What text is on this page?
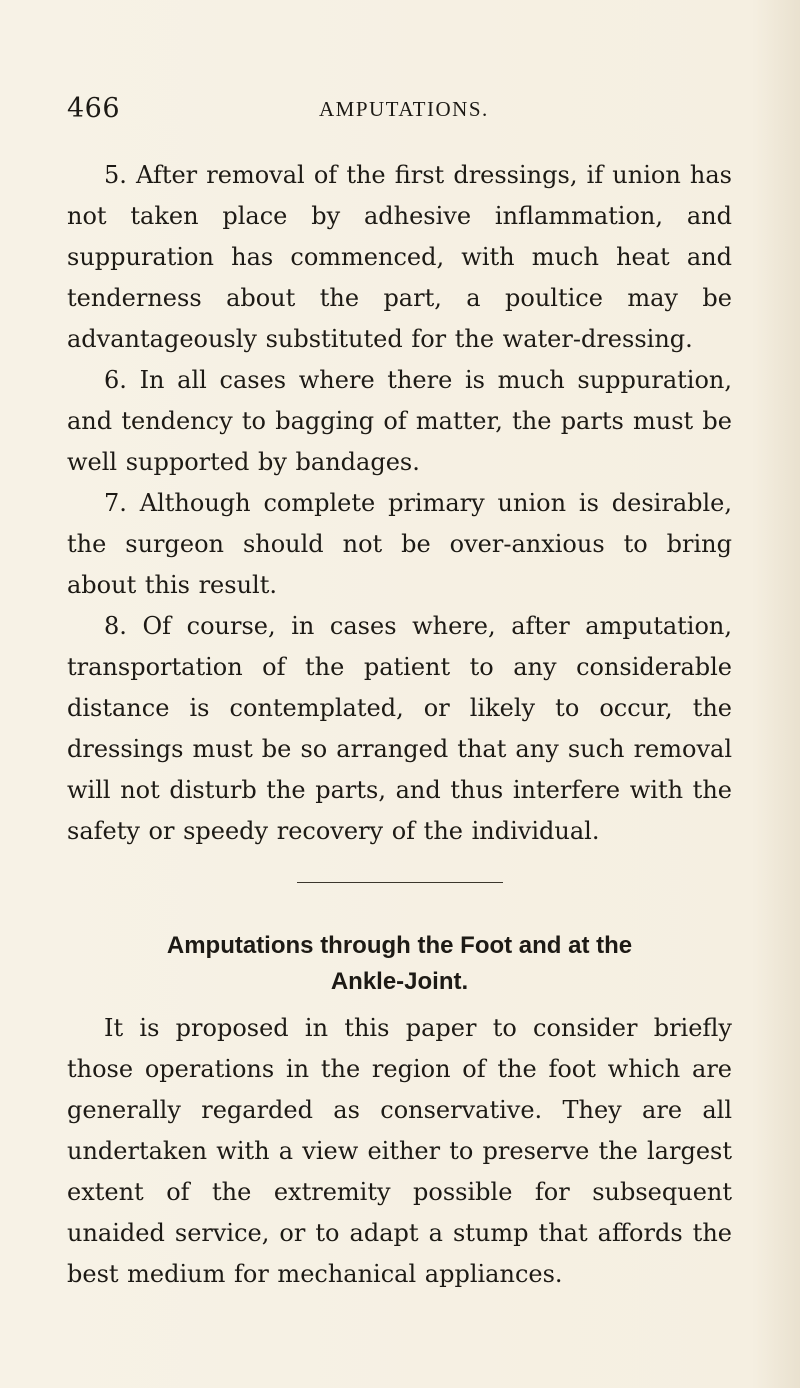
466	AMPUTATIONS.

5. After removal of the first dressings, if union has not taken place by adhesive inflammation, and suppuration has commenced, with much heat and tenderness about the part, a poultice may be advantageously substituted for the water-dressing.

6. In all cases where there is much suppuration, and tendency to bagging of matter, the parts must be well supported by bandages.

7. Although complete primary union is desirable, the surgeon should not be over-anxious to bring about this result.

8. Of course, in cases where, after amputation, transportation of the patient to any considerable distance is contemplated, or likely to occur, the dressings must be so arranged that any such removal will not disturb the parts, and thus interfere with the safety or speedy recovery of the individual.

Amputations through the Foot and at the
Ankle-Joint.

It is proposed in this paper to consider briefly those operations in the region of the foot which are generally regarded as conservative. They are all undertaken with a view either to preserve the largest extent of the extremity possible for subsequent unaided service, or to adapt a stump that affords the best medium for mechanical appliances.
